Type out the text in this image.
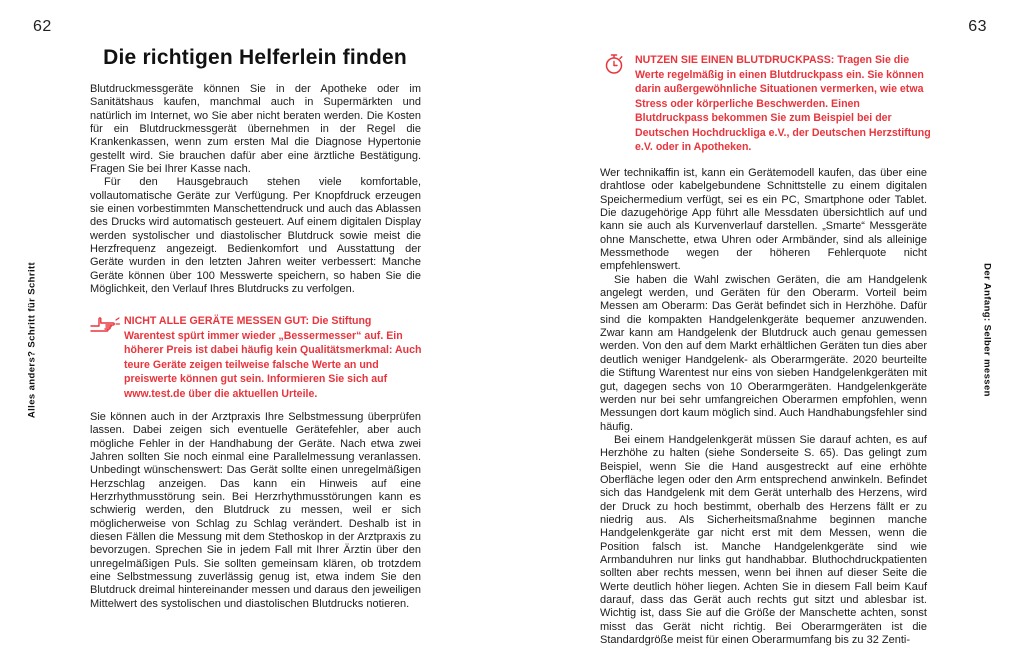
62
Alles anders? Schritt für Schritt
Die richtigen Helferlein finden

Blutdruckmessgeräte können Sie in der Apotheke oder im Sanitätshaus kaufen, manchmal auch in Supermärkten und natürlich im Internet, wo Sie aber nicht beraten werden. Die Kosten für ein Blutdruckmessgerät übernehmen in der Regel die Krankenkassen, wenn zum ersten Mal die Diagnose Hypertonie gestellt wird. Sie brauchen dafür aber eine ärztliche Bestätigung. Fragen Sie bei Ihrer Kasse nach.

Für den Hausgebrauch stehen viele komfortable, vollautomatische Geräte zur Verfügung. Per Knopfdruck erzeugen sie einen vorbestimmten Manschettendruck und auch das Ablassen des Drucks wird automatisch gesteuert. Auf einem digitalen Display werden systolischer und diastolischer Blutdruck sowie meist die Herzfrequenz angezeigt. Bedienkomfort und Ausstattung der Geräte wurden in den letzten Jahren weiter verbessert: Manche Geräte können über 100 Messwerte speichern, so haben Sie die Möglichkeit, den Verlauf Ihres Blutdrucks zu verfolgen.

NICHT ALLE GERÄTE MESSEN GUT: Die Stiftung Warentest spürt immer wieder „Bessermesser“ auf. Ein höherer Preis ist dabei häufig kein Qualitätsmerkmal: Auch teure Geräte zeigen teilweise falsche Werte an und preiswerte können gut sein. Informieren Sie sich auf www.test.de über die aktuellen Urteile.

Sie können auch in der Arztpraxis Ihre Selbstmessung überprüfen lassen. Dabei zeigen sich eventuelle Gerätefehler, aber auch mögliche Fehler in der Handhabung der Geräte. Nach etwa zwei Jahren sollten Sie noch einmal eine Parallelmessung veranlassen. Unbedingt wünschenswert: Das Gerät sollte einen unregelmäßigen Herzschlag anzeigen. Das kann ein Hinweis auf eine Herzrhythmusstörung sein. Bei Herzrhythmusstörungen kann es schwierig werden, den Blutdruck zu messen, weil er sich möglicherweise von Schlag zu Schlag verändert. Deshalb ist in diesen Fällen die Messung mit dem Stethoskop in der Arztpraxis zu bevorzugen. Sprechen Sie in jedem Fall mit Ihrer Ärztin über den unregelmäßigen Puls. Sie sollten gemeinsam klären, ob trotzdem eine Selbstmessung zuverlässig genug ist, etwa indem Sie den Blutdruck dreimal hintereinander messen und daraus den jeweiligen Mittelwert des systolischen und diastolischen Blutdrucks notieren.

63
Der Anfang: Selber messen
NUTZEN SIE EINEN BLUTDRUCKPASS: Tragen Sie die Werte regelmäßig in einen Blutdruckpass ein. Sie können darin außergewöhnliche Situationen vermerken, wie etwa Stress oder körperliche Beschwerden. Einen Blutdruckpass bekommen Sie zum Beispiel bei der Deutschen Hochdruckliga e.V., der Deutschen Herzstiftung e.V. oder in Apotheken.

Wer technikaffin ist, kann ein Gerätemodell kaufen, das über eine drahtlose oder kabelgebundene Schnittstelle zu einem digitalen Speichermedium verfügt, sei es ein PC, Smartphone oder Tablet. Die dazugehörige App führt alle Messdaten übersichtlich auf und kann sie auch als Kurvenverlauf darstellen. „Smarte“ Messgeräte ohne Manschette, etwa Uhren oder Armbänder, sind als alleinige Messmethode wegen der höheren Fehlerquote nicht empfehlenswert.

Sie haben die Wahl zwischen Geräten, die am Handgelenk angelegt werden, und Geräten für den Oberarm. Vorteil beim Messen am Oberarm: Das Gerät befindet sich in Herzhöhe. Dafür sind die kompakten Handgelenkgeräte bequemer anzuwenden. Zwar kann am Handgelenk der Blutdruck auch genau gemessen werden. Von den auf dem Markt erhältlichen Geräten tun dies aber deutlich weniger Handgelenk- als Oberarmgeräte. 2020 beurteilte die Stiftung Warentest nur eins von sieben Handgelenkgeräten mit gut, dagegen sechs von 10 Oberarmgeräten. Handgelenkgeräte werden nur bei sehr umfangreichen Oberarmen empfohlen, wenn Messungen dort kaum möglich sind. Auch Handhabungsfehler sind häufig.

Bei einem Handgelenkgerät müssen Sie darauf achten, es auf Herzhöhe zu halten (siehe Sonderseite S. 65). Das gelingt zum Beispiel, wenn Sie die Hand ausgestreckt auf eine erhöhte Oberfläche legen oder den Arm entsprechend anwinkeln. Befindet sich das Handgelenk mit dem Gerät unterhalb des Herzens, wird der Druck zu hoch bestimmt, oberhalb des Herzens fällt er zu niedrig aus. Als Sicherheitsmaßnahme beginnen manche Handgelenkgeräte gar nicht erst mit dem Messen, wenn die Position falsch ist. Manche Handgelenkgeräte sind wie Armbanduhren nur links gut handhabbar. Bluthochdruckpatienten sollten aber rechts messen, wenn bei ihnen auf dieser Seite die Werte deutlich höher liegen. Achten Sie in diesem Fall beim Kauf darauf, dass das Gerät auch rechts gut sitzt und ablesbar ist. Wichtig ist, dass Sie auf die Größe der Manschette achten, sonst misst das Gerät nicht richtig. Bei Oberarmgeräten ist die Standardgröße meist für einen Oberarmumfang bis zu 32 Zenti-
